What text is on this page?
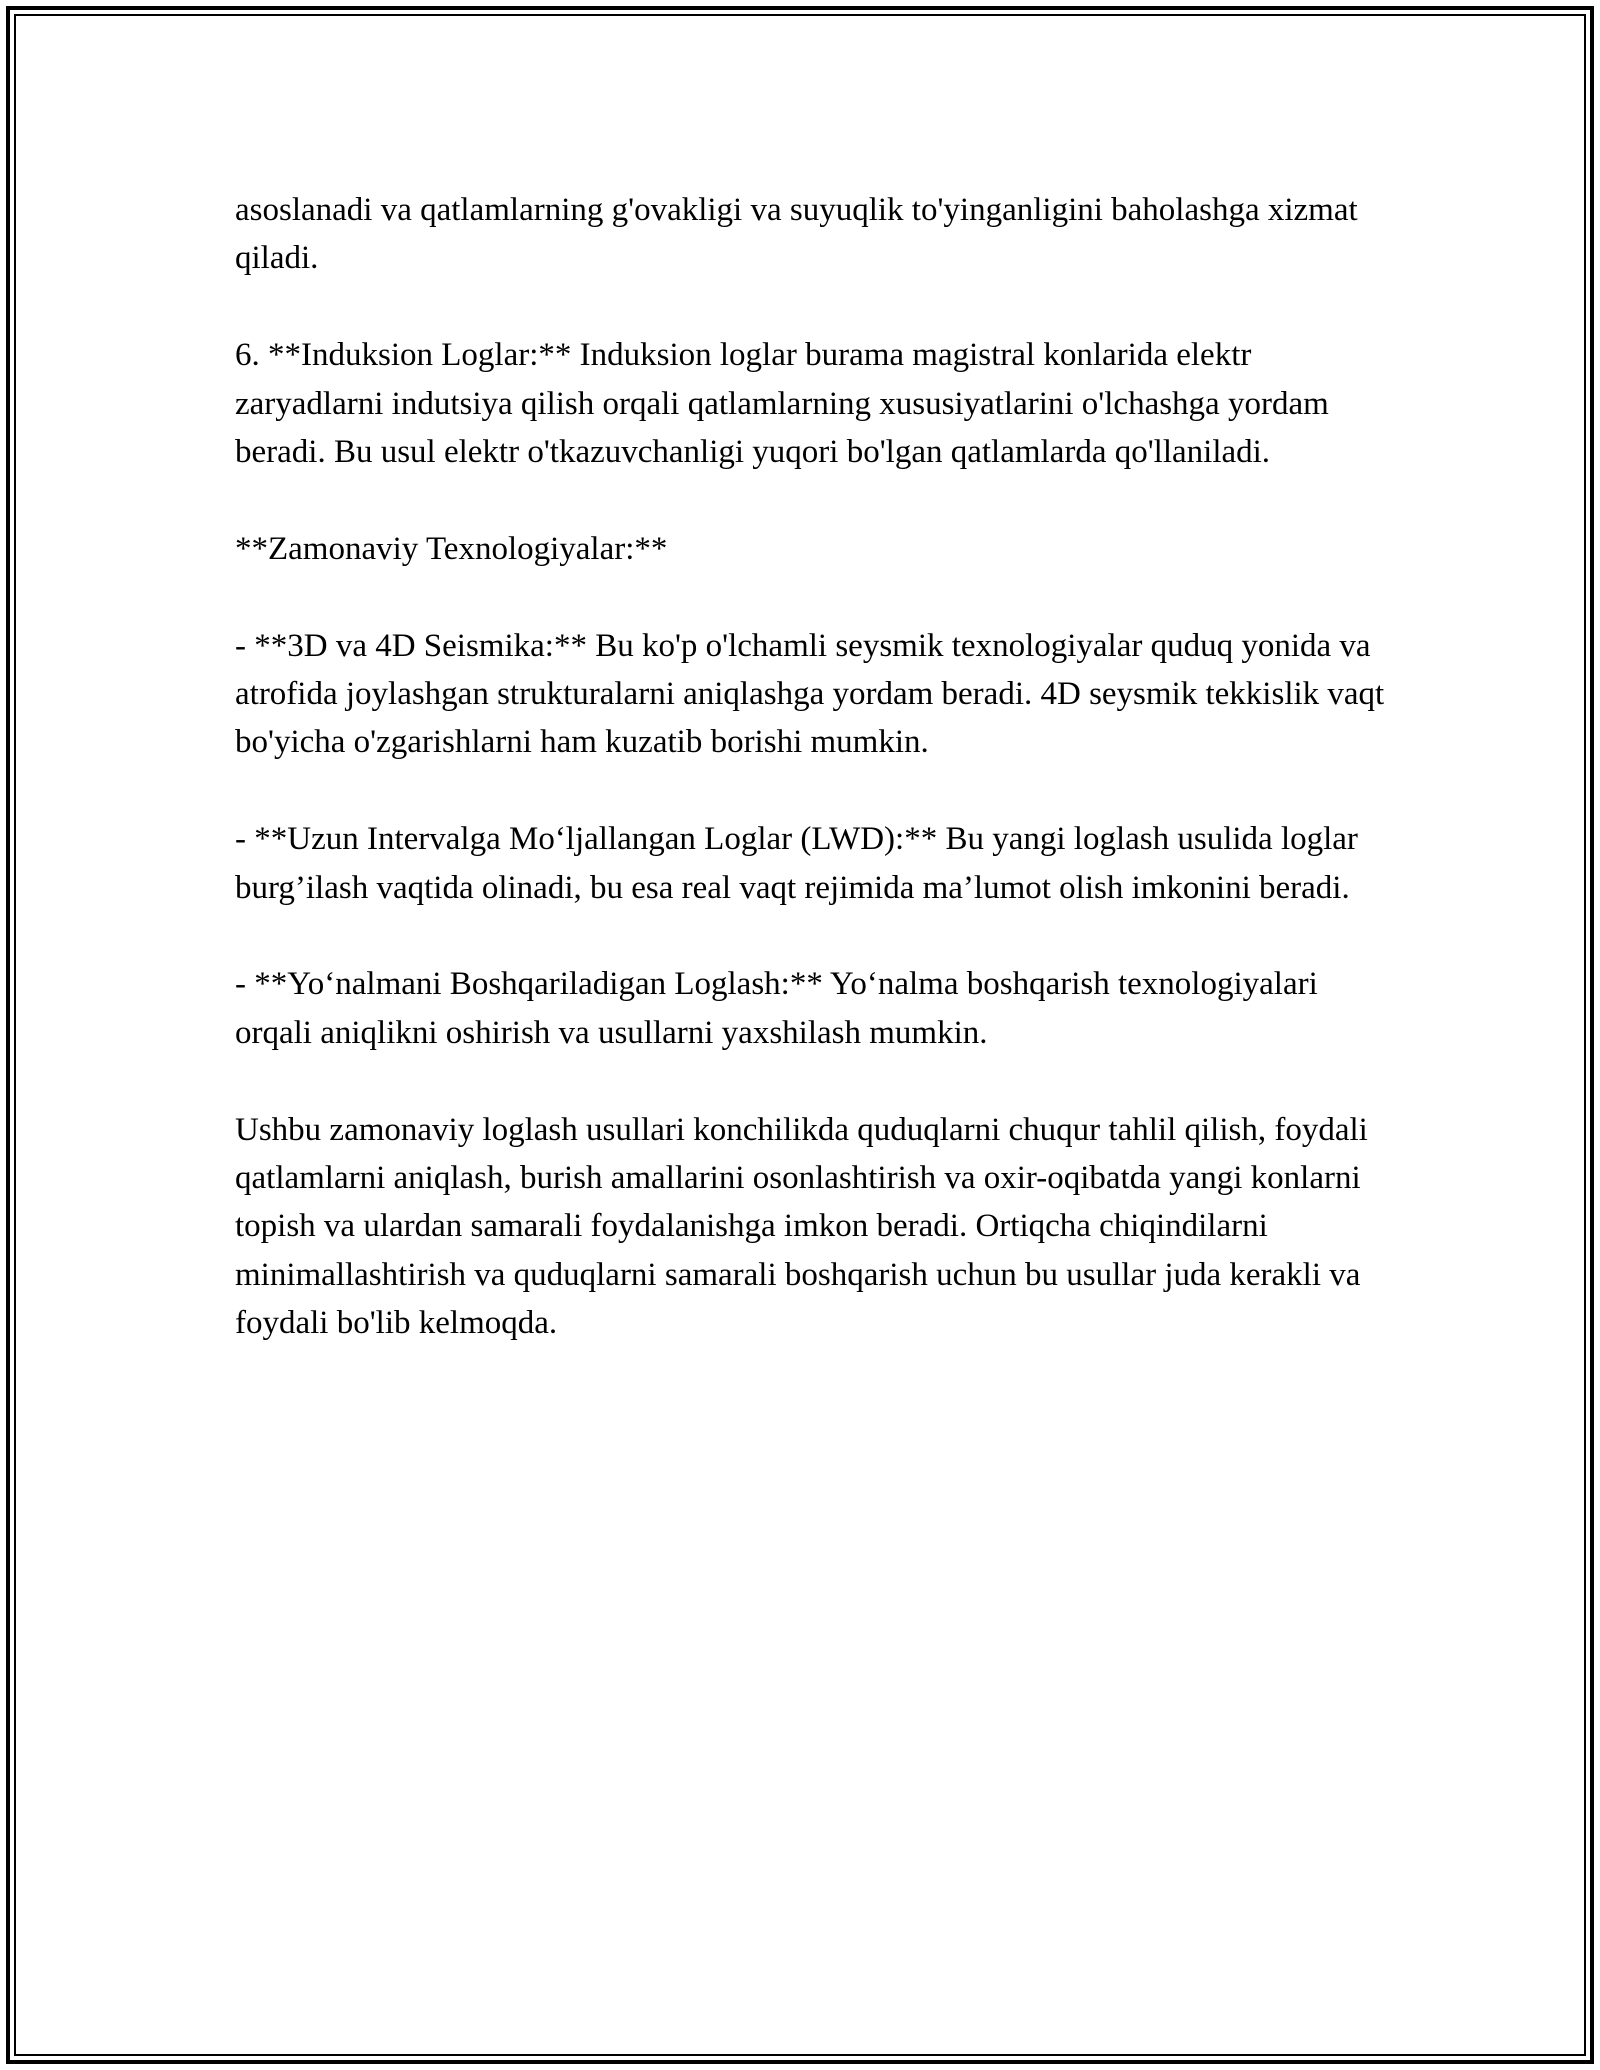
asoslanadi va qatlamlarning g'ovakligi va suyuqlik to'yinganligini baholashga xizmat qiladi.

6. **Induksion Loglar:** Induksion loglar burama magistral konlarida elektr zaryadlarni indutsiya qilish orqali qatlamlarning xususiyatlarini o'lchashga yordam beradi. Bu usul elektr o'tkazuvchanligi yuqori bo'lgan qatlamlarda qo'llaniladi.

**Zamonaviy Texnologiyalar:**

- **3D va 4D Seismika:** Bu ko'p o'lchamli seysmik texnologiyalar quduq yonida va atrofida joylashgan strukturalarni aniqlashga yordam beradi. 4D seysmik tekkislik vaqt bo'yicha o'zgarishlarni ham kuzatib borishi mumkin.

- **Uzun Intervalga Mo‘ljallangan Loglar (LWD):** Bu yangi loglash usulida loglar burg’ilash vaqtida olinadi, bu esa real vaqt rejimida ma’lumot olish imkonini beradi.

- **Yo‘nalmani Boshqariladigan Loglash:** Yo‘nalma boshqarish texnologiyalari orqali aniqlikni oshirish va usullarni yaxshilash mumkin.

Ushbu zamonaviy loglash usullari konchilikda quduqlarni chuqur tahlil qilish, foydali qatlamlarni aniqlash, burish amallarini osonlashtirish va oxir-oqibatda yangi konlarni topish va ulardan samarali foydalanishga imkon beradi. Ortiqcha chiqindilarni minimallashtirish va quduqlarni samarali boshqarish uchun bu usullar juda kerakli va foydali bo'lib kelmoqda.
